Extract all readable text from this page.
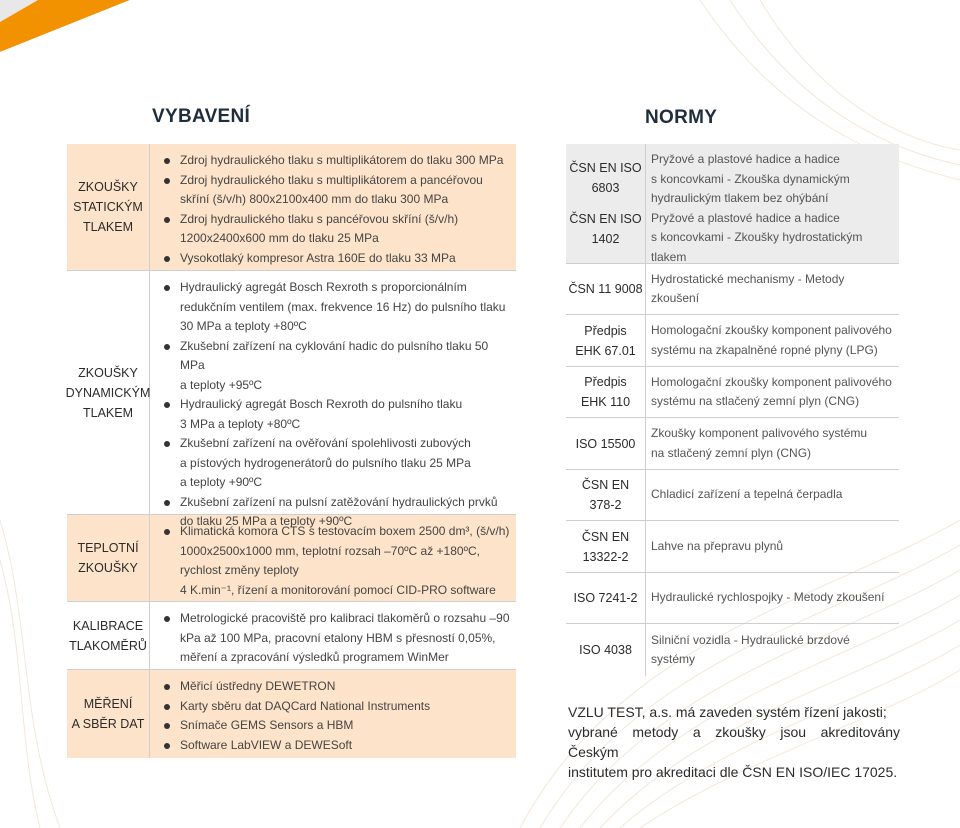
VYBAVENÍ	NORMY
ZKOUŠKY
STATICKÝM
TLAKEM
Zdroj hydraulického tlaku s multiplikátorem do tlaku 300 MPa
Zdroj hydraulického tlaku s multiplikátorem a pancéřovou
skříní (š/v/h) 800x2100x400 mm do tlaku 300 MPa
Zdroj hydraulického tlaku s pancéřovou skříní (š/v/h)
1200x2400x600 mm do tlaku 25 MPa
Vysokotlaký kompresor Astra 160E do tlaku 33 MPa
ZKOUŠKY
DYNAMICKÝM
TLAKEM
Hydraulický agregát Bosch Rexroth s proporcionálním
redukčním ventilem (max. frekvence 16 Hz) do pulsního tlaku
30 MPa a teploty +80ºC
Zkušební zařízení na cyklování hadic do pulsního tlaku 50 MPa
a teploty +95ºC
Hydraulický agregát Bosch Rexroth do pulsního tlaku
3 MPa a teploty +80ºC
Zkušební zařízení na ověřování spolehlivosti zubových
a pístových hydrogenerátorů do pulsního tlaku 25 MPa
a teploty +90ºC
Zkušební zařízení na pulsní zatěžování hydraulických prvků
do tlaku 25 MPa a teploty +90ºC
TEPLOTNÍ
ZKOUŠKY
Klimatická komora CTS s testovacím boxem 2500 dm³, (š/v/h)
1000x2500x1000 mm, teplotní rozsah –70ºC až +180ºC,
rychlost změny teploty
4 K.min⁻¹, řízení a monitorování pomocí CID-PRO software
KALIBRACE
TLAKOMĚRŮ
Metrologické pracoviště pro kalibraci tlakoměrů o rozsahu –90
kPa až 100 MPa, pracovní etalony HBM s přesností 0,05%,
měření a zpracování výsledků programem WinMer
MĚŘENÍ
A SBĚR DAT
Měřicí ústředny DEWETRON
Karty sběru dat DAQCard National Instruments
Snímače GEMS Sensors a HBM
Software LabVIEW a DEWESoft
ČSN EN ISO
6803
ČSN EN ISO
1402
Pryžové a plastové hadice a hadice
s koncovkami - Zkouška dynamickým
hydraulickým tlakem bez ohýbání
Pryžové a plastové hadice a hadice
s koncovkami - Zkoušky hydrostatickým tlakem
ČSN 11 9008
Hydrostatické mechanismy - Metody zkoušení
Předpis
EHK 67.01
Homologační zkoušky komponent palivového
systému na zkapalněné ropné plyny (LPG)
Předpis
EHK 110
Homologační zkoušky komponent palivového
systému na stlačený zemní plyn (CNG)
ISO 15500
Zkoušky komponent palivového systému
na stlačený zemní plyn (CNG)
ČSN EN
378-2
Chladicí zařízení a tepelná čerpadla
ČSN EN
13322-2
Lahve na přepravu plynů
ISO 7241-2 Hydraulické rychlospojky - Metody zkoušení
ISO 4038
Silniční vozidla - Hydraulické brzdové systémy
VZLU TEST, a.s. má zaveden systém řízení jakosti;
vybrané metody a zkoušky jsou akreditovány Českým
institutem pro akreditaci dle ČSN EN ISO/IEC 17025.
